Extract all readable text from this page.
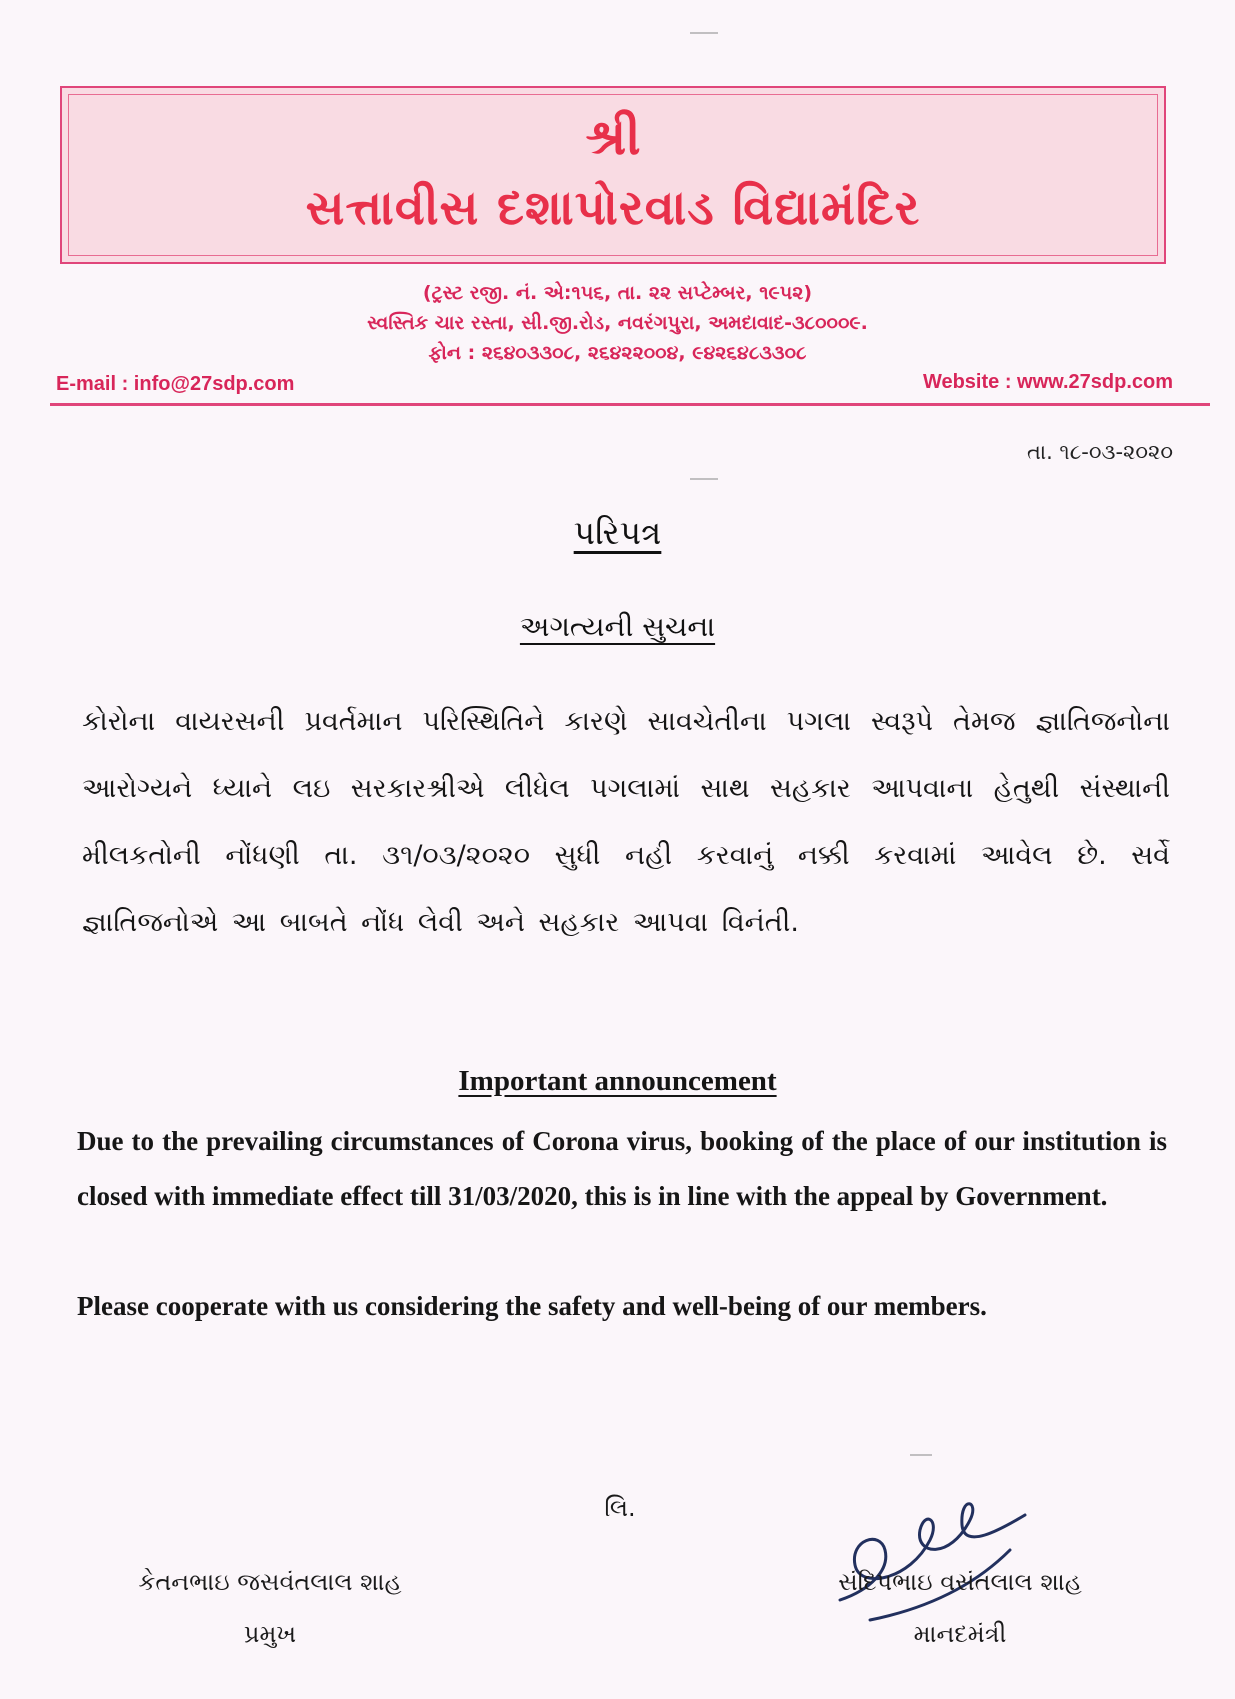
શ્રી
સત્તાવીસ દશાપોરવાડ વિદ્યામંદિર
(ટ્રસ્ટ રજી. નં. એ:૧૫૬, તા. ૨૨ સપ્ટેમ્બર, ૧૯૫૨)
સ્વસ્તિક ચાર રસ્તા, સી.જી.રોડ, નવરંગપુરા, અમદાવાદ-૩૮૦૦૦૯.
ફોન : ૨૬૪૦૩૩૦૮, ૨૬૪૨૨૦૦૪, ૯૪૨૬૪૮૩૩૦૮
E-mail : info@27sdp.com	Website : www.27sdp.com
તા. ૧૮-૦૩-૨૦૨૦
પરિપત્ર
અગત્યની સુચના
કોરોના વાયરસની પ્રવર્તમાન પરિસ્થિતિને કારણે સાવચેતીના પગલા સ્વરૂપે તેમજ જ્ઞાતિજનોના આરોગ્યને ધ્યાને લઇ સરકારશ્રીએ લીધેલ પગલામાં સાથ સહકાર આપવાના હેતુથી સંસ્થાની મીલકતોની નોંધણી તા. ૩૧/૦૩/૨૦૨૦ સુધી નહી કરવાનું નક્કી કરવામાં આવેલ છે. સર્વે જ્ઞાતિજનોએ આ બાબતે નોંધ લેવી અને સહકાર આપવા વિનંતી.
Important announcement
Due to the prevailing circumstances of Corona virus, booking of the place of our institution is closed with immediate effect till 31/03/2020, this is in line with the appeal by Government.
Please cooperate with us considering the safety and well-being of our members.
લિ.
કેતનભાઇ જસવંતલાલ શાહ
પ્રમુખ
સંદિપભાઇ વસંતલાલ શાહ
માનદમંત્રી
